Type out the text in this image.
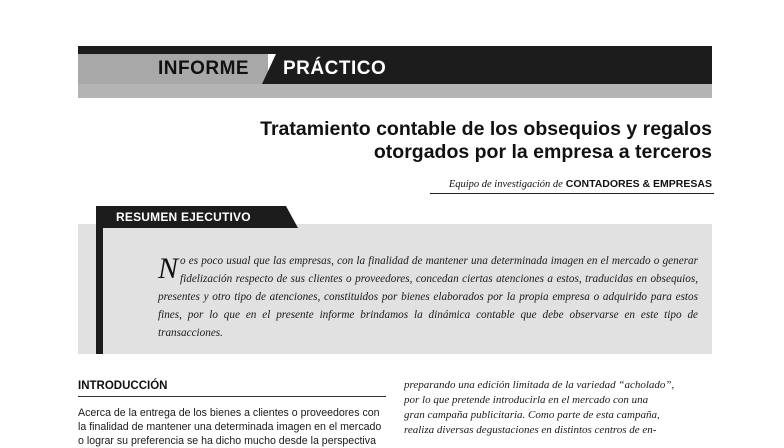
INFORME PRÁCTICO
Tratamiento contable de los obsequios y regalos
otorgados por la empresa a terceros
Equipo de investigación de CONTADORES & EMPRESAS
RESUMEN EJECUTIVO
N o es poco usual que las empresas, con la finalidad de mantener una determinada imagen en el mercado o generar fidelización respecto de sus clientes o proveedores, concedan ciertas atenciones a estos, traducidas en obsequios, presentes y otro tipo de atenciones, constituidos por bienes elaborados por la propia empresa o adquirido para estos fines, por lo que en el presente informe brindamos la dinámica contable que debe observarse en este tipo de transacciones.
INTRODUCCIÓN
Acerca de la entrega de los bienes a clientes o proveedores con
la finalidad de mantener una determinada imagen en el mercado
o lograr su preferencia se ha dicho mucho desde la perspectiva
preparando una edición limitada de la variedad “acholado”,
por lo que pretende introducirla en el mercado con una
gran campaña publicitaria. Como parte de esta campaña,
realiza diversas degustaciones en distintos centros de en-
